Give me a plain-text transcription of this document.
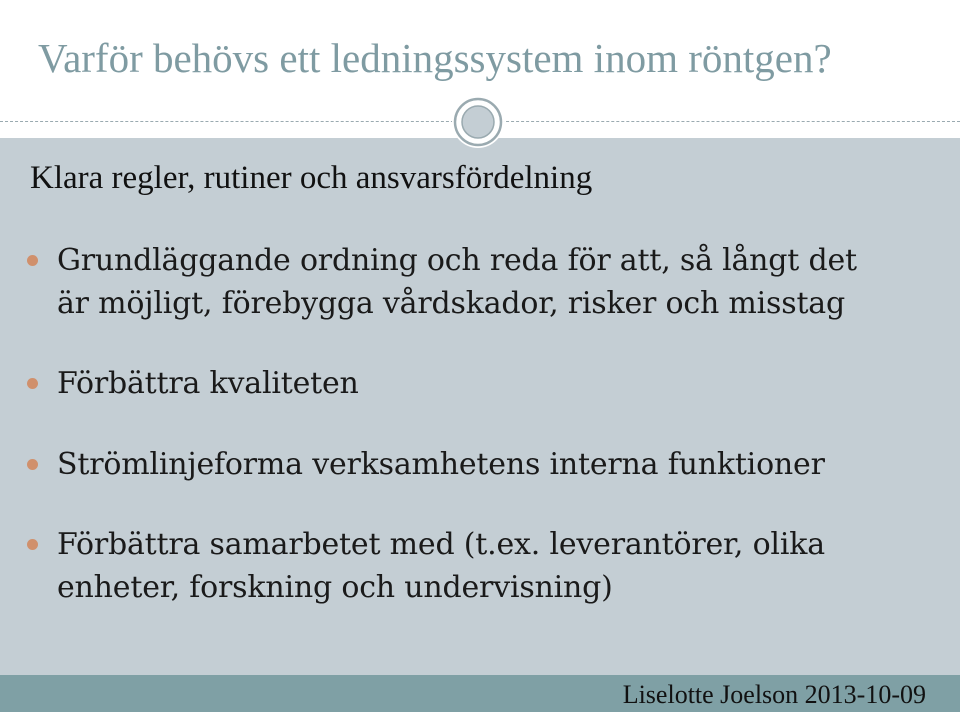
Varför behövs ett ledningssystem inom röntgen?
Klara regler, rutiner och ansvarsfördelning
Grundläggande ordning och reda för att, så långt det är möjligt, förebygga vårdskador, risker och misstag
Förbättra kvaliteten
Strömlinjeforma verksamhetens interna funktioner
Förbättra samarbetet med (t.ex. leverantörer, olika enheter, forskning och undervisning)
Liselotte Joelson 2013-10-09
